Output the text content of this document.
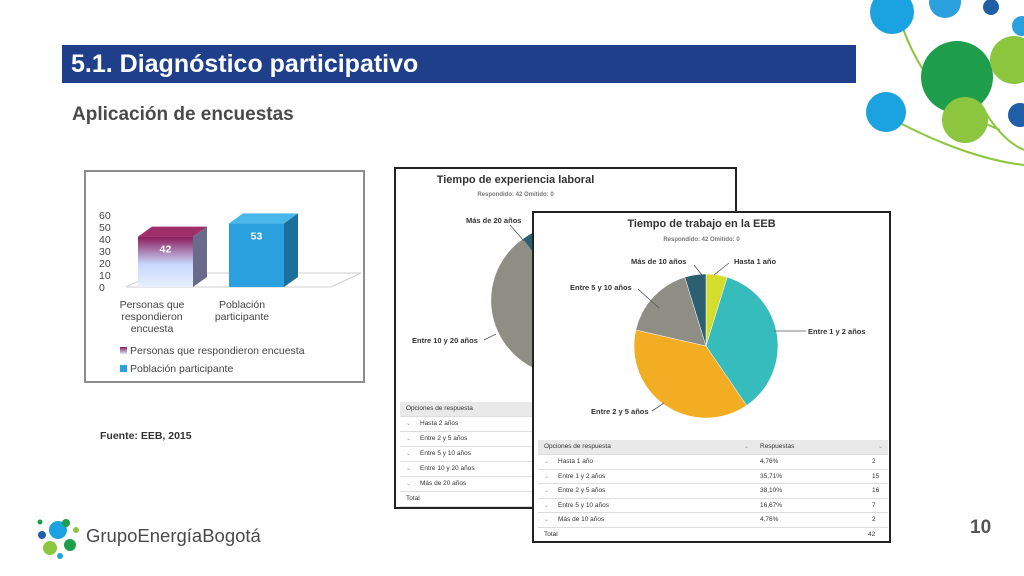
5.1. Diagnóstico participativo
Aplicación de encuestas
0
10
20
30
40
50
60
42
53
Personas que
respondieron
encuesta
Población
participante
Personas que respondieron encuesta
Población participante
Tiempo de experiencia laboral
Respondido: 42 Omitido: 0
Más de 20 años
Entre 10 y 20 años
Opciones de respuesta
⌄ Hasta 2 años
⌄ Entre 2 y 5 años
⌄ Entre 5 y 10 años
⌄ Entre 10 y 20 años
⌄ Más de 20 años
Total
Tiempo de trabajo en la EEB
Respondido: 42 Omitido: 0
Hasta 1 año
Entre 1 y 2 años
Entre 2 y 5 años
Entre 5 y 10 años
Más de 10 años
Opciones de respuesta	⌄ Respuestas	⌄
⌄ Hasta 1 año	4,76%	2
⌄ Entre 1 y 2 años	35,71%	15
⌄ Entre 2 y 5 años	38,10%	16
⌄ Entre 5 y 10 años	16,67%	7
⌄ Más de 10 años	4,76%	2
Total	42
Fuente: EEB, 2015
GrupoEnergíaBogotá	10
